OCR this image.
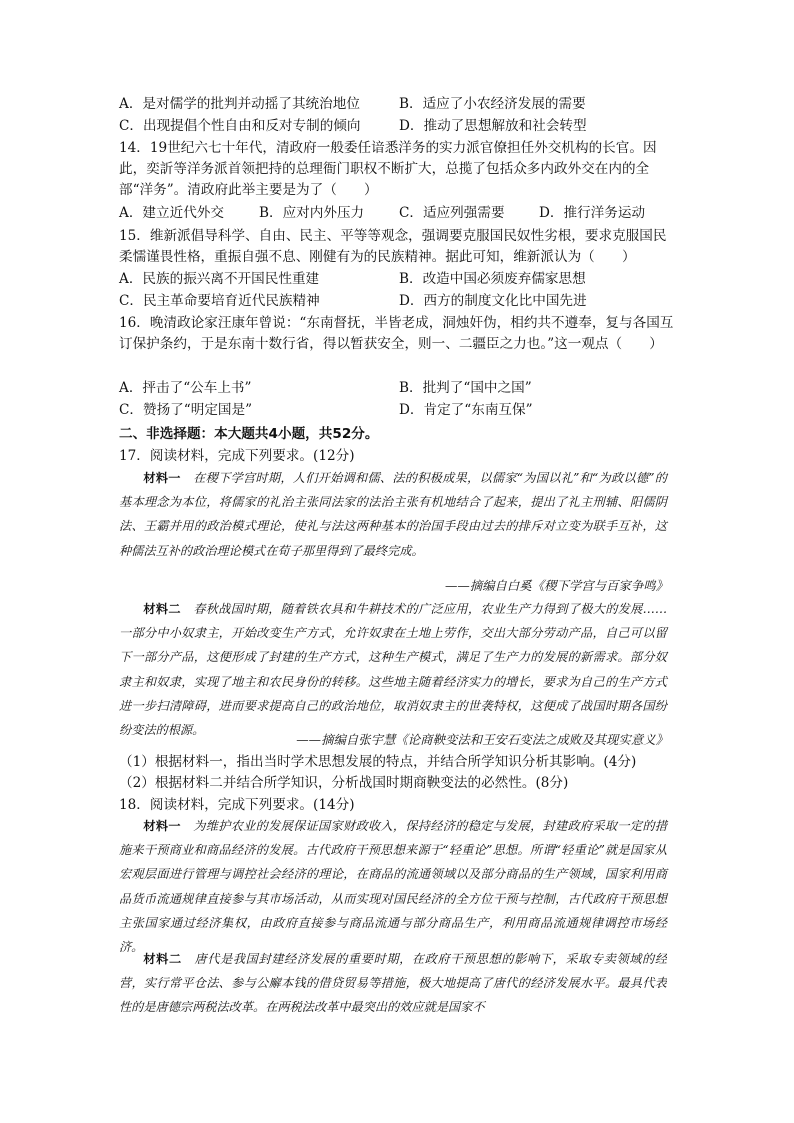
A．是对儒学的批判并动摇了其统治地位	B．适应了小农经济发展的需要
C．出现提倡个性自由和反对专制的倾向	D．推动了思想解放和社会转型
14．19世纪六七十年代，清政府一般委任谙悉洋务的实力派官僚担任外交机构的长官。因此，奕訢等洋务派首领把持的总理衙门职权不断扩大，总揽了包括众多内政外交在内的全部“洋务”。清政府此举主要是为了（　　）
A．建立近代外交	B．应对内外压力	C．适应列强需要	D．推行洋务运动
15．维新派倡导科学、自由、民主、平等等观念，强调要克服国民奴性劣根，要求克服国民柔懦谨畏性格，重振自强不息、刚健有为的民族精神。据此可知，维新派认为（　　）
A．民族的振兴离不开国民性重建	B．改造中国必须废弃儒家思想
C．民主革命要培育近代民族精神	D．西方的制度文化比中国先进
16．晚清政论家汪康年曾说：“东南督抚，半皆老成，洞烛奸伪，相约共不遵奉，复与各国互订保护条约，于是东南十数行省，得以暂获安全，则一、二疆臣之力也。”这一观点（　　）
A．抨击了“公车上书”	B．批判了“国中之国”
C．赞扬了“明定国是”	D．肯定了“东南互保”
二、非选择题：本大题共4小题，共52分。
17．阅读材料，完成下列要求。(12分)
材料一　在稷下学宫时期，人们开始调和儒、法的积极成果，以儒家“为国以礼”和“为政以德”的基本理念为本位，将儒家的礼治主张同法家的法治主张有机地结合了起来，提出了礼主刑辅、阳儒阴法、王霸并用的政治模式理论，使礼与法这两种基本的治国手段由过去的排斥对立变为联手互补，这种儒法互补的政治理论模式在荀子那里得到了最终完成。
——摘编自白奚《稷下学宫与百家争鸣》
材料二　春秋战国时期，随着铁农具和牛耕技术的广泛应用，农业生产力得到了极大的发展……一部分中小奴隶主，开始改变生产方式，允许奴隶在土地上劳作，交出大部分劳动产品，自己可以留下一部分产品，这便形成了封建的生产方式，这种生产模式，满足了生产力的发展的新需求。部分奴隶主和奴隶，实现了地主和农民身份的转移。这些地主随着经济实力的增长，要求为自己的生产方式进一步扫清障碍，进而要求提高自己的政治地位，取消奴隶主的世袭特权，这便成了战国时期各国纷纷变法的根源。
——摘编自张宇慧《论商鞅变法和王安石变法之成败及其现实意义》
（1）根据材料一，指出当时学术思想发展的特点，并结合所学知识分析其影响。(4分)
（2）根据材料二并结合所学知识，分析战国时期商鞅变法的必然性。(8分)
18．阅读材料，完成下列要求。(14分)
材料一　为维护农业的发展保证国家财政收入，保持经济的稳定与发展，封建政府采取一定的措施来干预商业和商品经济的发展。古代政府干预思想来源于“轻重论”思想。所谓“轻重论”就是国家从宏观层面进行管理与调控社会经济的理论，在商品的流通领域以及部分商品的生产领域，国家利用商品货币流通规律直接参与其市场活动，从而实现对国民经济的全方位干预与控制，古代政府干预思想主张国家通过经济集权，由政府直接参与商品流通与部分商品生产，利用商品流通规律调控市场经济。
材料二　唐代是我国封建经济发展的重要时期，在政府干预思想的影响下，采取专卖领域的经营，实行常平仓法、参与公廨本钱的借贷贸易等措施，极大地提高了唐代的经济发展水平。最具代表性的是唐德宗两税法改革。在两税法改革中最突出的效应就是国家不
